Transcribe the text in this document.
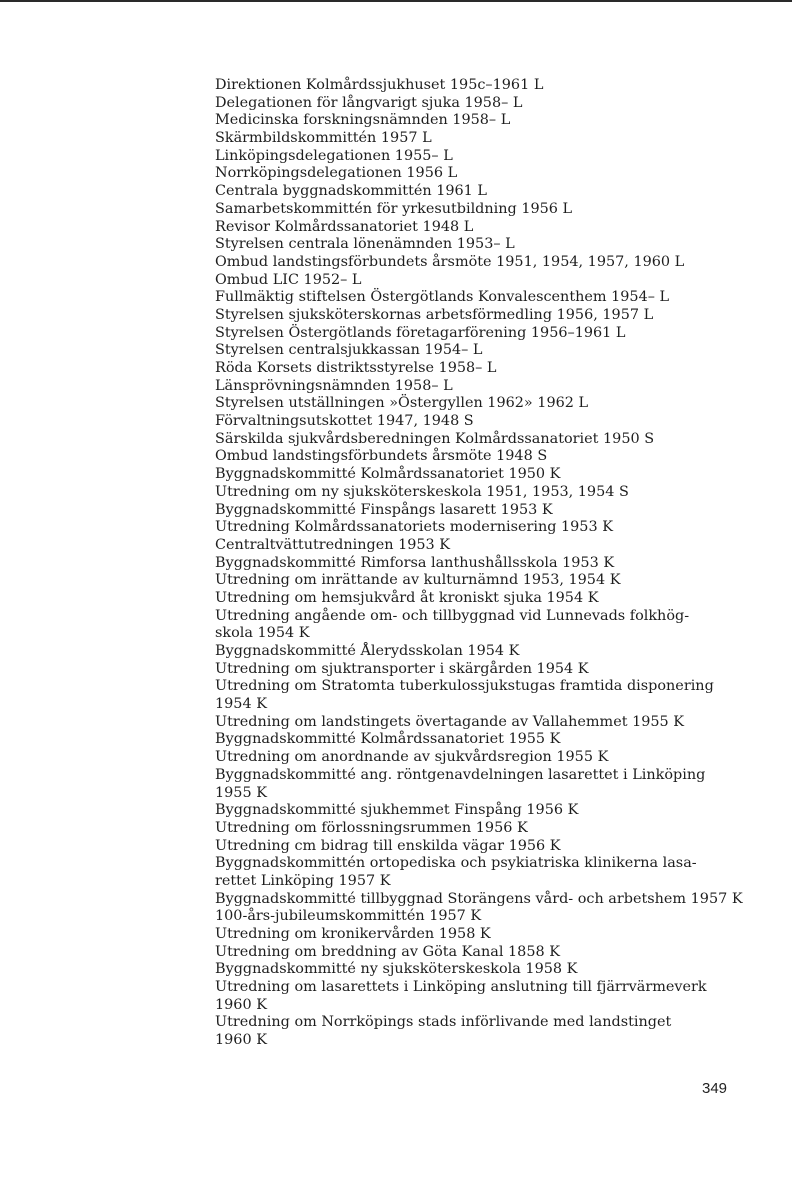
Direktionen Kolmårdssjukhuset 195c–1961 L
Delegationen för långvarigt sjuka 1958– L
Medicinska forskningsnämnden 1958– L
Skärmbildskommittén 1957 L
Linköpingsdelegationen 1955– L
Norrköpingsdelegationen 1956 L
Centrala byggnadskommittén 1961 L
Samarbetskommittén för yrkesutbildning 1956 L
Revisor Kolmårdssanatoriet 1948 L
Styrelsen centrala lönenämnden 1953– L
Ombud landstingsförbundets årsmöte 1951, 1954, 1957, 1960 L
Ombud LIC 1952– L
Fullmäktig stiftelsen Östergötlands Konvalescenthem 1954– L
Styrelsen sjuksköterskornas arbetsförmedling 1956, 1957 L
Styrelsen Östergötlands företagarförening 1956–1961 L
Styrelsen centralsjukkassan 1954– L
Röda Korsets distriktsstyrelse 1958– L
Länsprövningsnämnden 1958– L
Styrelsen utställningen »Östergyllen 1962» 1962 L
Förvaltningsutskottet 1947, 1948 S
Särskilda sjukvårdsberedningen Kolmårdssanatoriet 1950 S
Ombud landstingsförbundets årsmöte 1948 S
Byggnadskommitté Kolmårdssanatoriet 1950 K
Utredning om ny sjuksköterskeskola 1951, 1953, 1954 S
Byggnadskommitté Finspångs lasarett 1953 K
Utredning Kolmårdssanatoriets modernisering 1953 K
Centraltvättutredningen 1953 K
Byggnadskommitté Rimforsa lanthushållsskola 1953 K
Utredning om inrättande av kulturnämnd 1953, 1954 K
Utredning om hemsjukvård åt kroniskt sjuka 1954 K
Utredning angående om- och tillbyggnad vid Lunnevads folkhög-
skola 1954 K
Byggnadskommitté Ålerydsskolan 1954 K
Utredning om sjuktransporter i skärgården 1954 K
Utredning om Stratomta tuberkulossjukstugas framtida disponering
1954 K
Utredning om landstingets övertagande av Vallahemmet 1955 K
Byggnadskommitté Kolmårdssanatoriet 1955 K
Utredning om anordnande av sjukvårdsregion 1955 K
Byggnadskommitté ang. röntgenavdelningen lasarettet i Linköping
1955 K
Byggnadskommitté sjukhemmet Finspång 1956 K
Utredning om förlossningsrummen 1956 K
Utredning cm bidrag till enskilda vägar 1956 K
Byggnadskommittén ortopediska och psykiatriska klinikerna lasa-
rettet Linköping 1957 K
Byggnadskommitté tillbyggnad Storängens vård- och arbetshem 1957 K
100-års-jubileumskommittén 1957 K
Utredning om kronikervården 1958 K
Utredning om breddning av Göta Kanal 1858 K
Byggnadskommitté ny sjuksköterskeskola 1958 K
Utredning om lasarettets i Linköping anslutning till fjärrvärmeverk
1960 K
Utredning om Norrköpings stads införlivande med landstinget
1960 K
349
